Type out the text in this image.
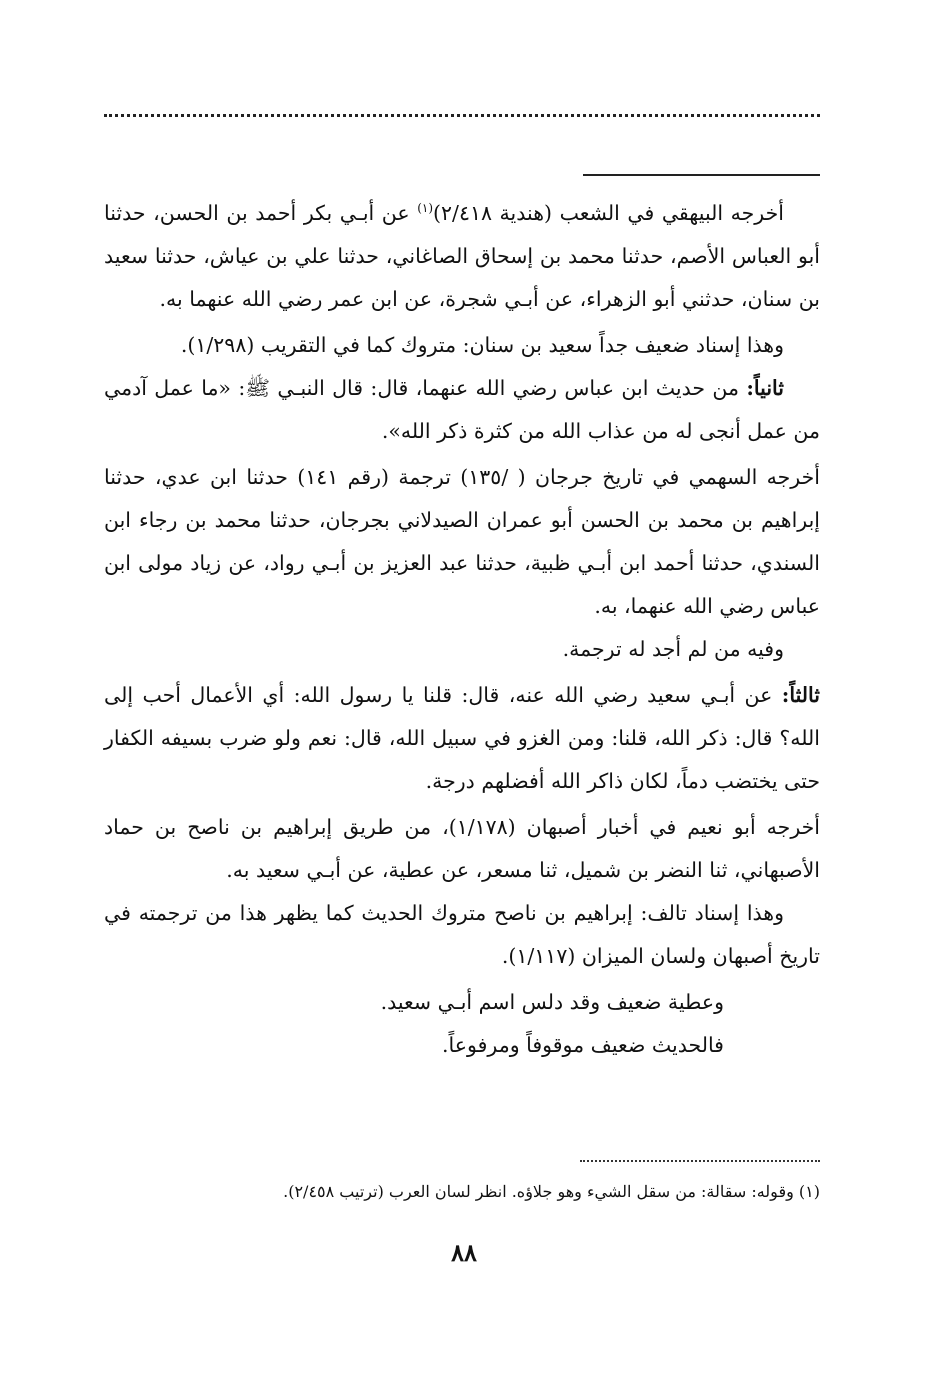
أخرجه البيهقي في الشعب (هندية ٢/٤١٨)$^{(١)}$ عن أبـي بكر أحمد بن الحسن، حدثنا أبو العباس الأصم، حدثنا محمد بن إسحاق الصاغاني، حدثنا علي بن عياش، حدثنا سعيد بن سنان، حدثني أبو الزهراء، عن أبـي شجرة، عن ابن عمر رضي الله عنهما به.

وهذا إسناد ضعيف جداً سعيد بن سنان: متروك كما في التقريب (١/٢٩٨).

ثانياً: من حديث ابن عباس رضي الله عنهما، قال: قال النبـي ﷺ: «ما عمل آدمي من عمل أنجى له من عذاب الله من كثرة ذكر الله».

أخرجه السهمي في تاريخ جرجان ( /١٣٥) ترجمة (رقم ١٤١) حدثنا ابن عدي، حدثنا إبراهيم بن محمد بن الحسن أبو عمران الصيدلاني بجرجان، حدثنا محمد بن رجاء ابن السندي، حدثنا أحمد ابن أبـي ظبية، حدثنا عبد العزيز بن أبـي رواد، عن زياد مولى ابن عباس رضي الله عنهما، به.

وفيه من لم أجد له ترجمة.

ثالثاً: عن أبـي سعيد رضي الله عنه، قال: قلنا يا رسول الله: أي الأعمال أحب إلى الله؟ قال: ذكر الله، قلنا: ومن الغزو في سبيل الله، قال: نعم ولو ضرب بسيفه الكفار حتى يختضب دماً، لكان ذاكر الله أفضلهم درجة.

أخرجه أبو نعيم في أخبار أصبهان (١/١٧٨)، من طريق إبراهيم بن ناصح بن حماد الأصبهاني، ثنا النضر بن شميل، ثنا مسعر، عن عطية، عن أبـي سعيد به.

وهذا إسناد تالف: إبراهيم بن ناصح متروك الحديث كما يظهر هذا من ترجمته في تاريخ أصبهان ولسان الميزان (١/١١٧).

وعطية ضعيف وقد دلس اسم أبـي سعيد.

فالحديث ضعيف موقوفاً ومرفوعاً.

(١) وقوله: سقالة: من سقل الشيء وهو جلاؤه. انظر لسان العرب (ترتيب ٢/٤٥٨).
٨٨
